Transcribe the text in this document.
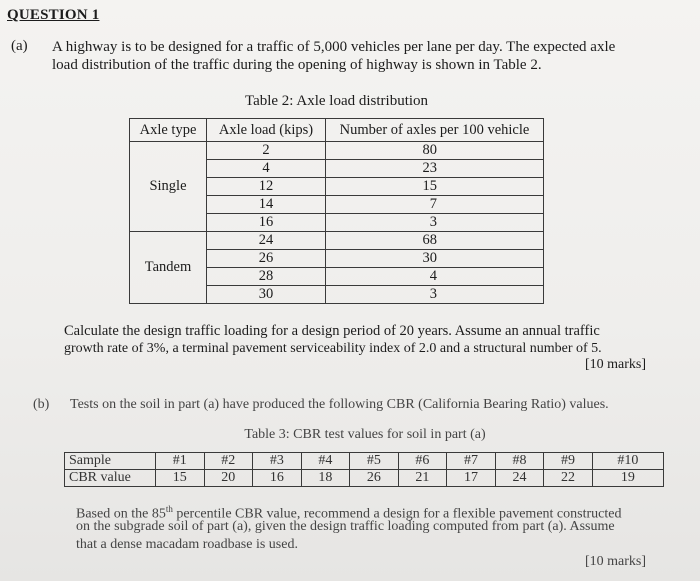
QUESTION 1
(a) A highway is to be designed for a traffic of 5,000 vehicles per lane per day. The expected axle
load distribution of the traffic during the opening of highway is shown in Table 2.
Table 2: Axle load distribution
Axle type	Axle load (kips)	Number of axles per 100 vehicle
Single	2	80
	4	23
	12	15
	14	7
	16	3
Tandem	24	68
	26	30
	28	4
	30	3
Calculate the design traffic loading for a design period of 20 years. Assume an annual traffic
growth rate of 3%, a terminal pavement serviceability index of 2.0 and a structural number of 5.
[10 marks]
(b) Tests on the soil in part (a) have produced the following CBR (California Bearing Ratio) values.
Table 3: CBR test values for soil in part (a)
Sample	#1	#2	#3	#4	#5	#6	#7	#8	#9	#10
CBR value	15	20	16	18	26	21	17	24	22	19
Based on the 85th percentile CBR value, recommend a design for a flexible pavement constructed
on the subgrade soil of part (a), given the design traffic loading computed from part (a). Assume
that a dense macadam roadbase is used.
[10 marks]
